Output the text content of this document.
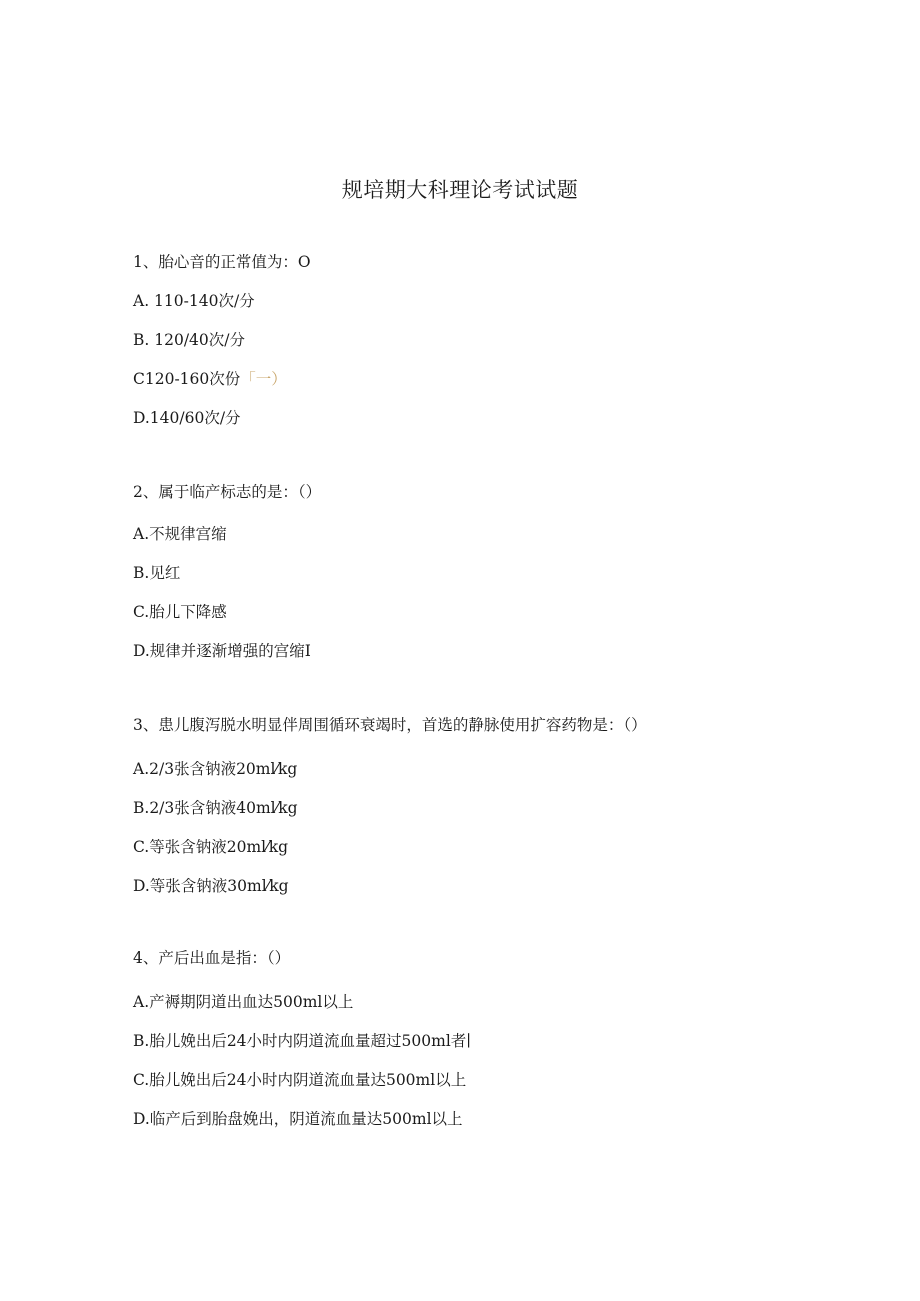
规培期大科理论考试试题
1、胎心音的正常值为：O
A. 110-140次/分
B. 120/40次/分
C120-160次份「一）
D.140/60次/分
2、属于临产标志的是：（）
A.不规律宫缩
B.见红
C.胎儿下降感
D.规律并逐渐增强的宫缩I
3、患儿腹泻脱水明显伴周围循环衰竭时，首选的静脉使用扩容药物是：（）
A.2/3张含钠液20ml⁄kg
B.2/3张含钠液40ml⁄kg
C.等张含钠液20ml⁄kg
D.等张含钠液30ml⁄kg
4、产后出血是指：（）
A.产褥期阴道出血达500ml以上
B.胎儿娩出后24小时内阴道流血量超过500ml者∣
C.胎儿娩出后24小时内阴道流血量达500ml以上
D.临产后到胎盘娩出，阴道流血量达500ml以上
